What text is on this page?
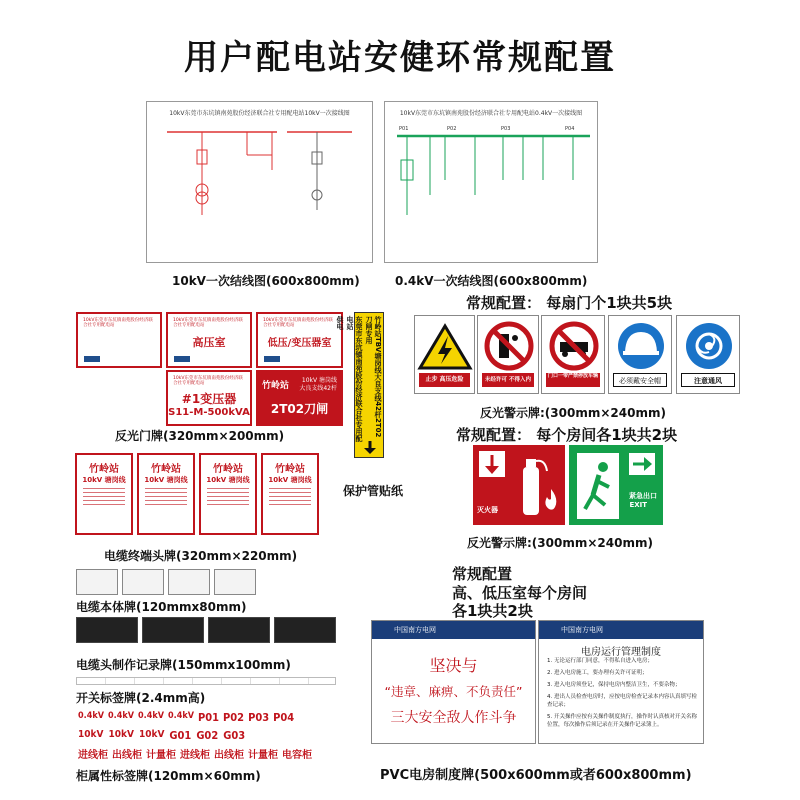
用户配电站安健环常规配置
10kV东莞市东坑镇南苑股份经济联合社专用配电站10kV一次接线图	10kV东莞市东坑镇南苑股份经济联合社专用配电站0.4kV一次接线图
P01	P02	P03	P04
10kV一次结线图(600x800mm)	0.4kV一次结线图(600x800mm)
10kV东莞市东坑镇南苑股份经济联合社专用配电站
10kV东莞市东坑镇南苑股份经济联合社专用配电站
高压室
10kV东莞市东坑镇南苑股份经济联合社专用配电站
低压/变压器室
10kV东莞市东坑镇南苑股份经济联合社专用配电站
#1变压器
S11-M-500kVA
竹岭站
10kV 塘岗线
大良支线42杆
2T02刀闸
反光门牌(320mm×200mm)	竹岭站TBV塘岗线大良支线42杆2T02刀闸专用
东莞市东坑镇南苑股份经济联合社专用配电站
供电
保护管贴纸
常规配置： 每扇门个1块共5块
止步 高压危险	未经许可 不得入内
门口一带严禁停放车辆
必须戴安全帽	注意通风
反光警示牌:(300mm×240mm)
常规配置： 每个房间各1块共2块
灭火器
紧急出口
EXIT
反光警示牌:(300mm×240mm)
竹岭站
10kV 塘岗线
竹岭站
10kV 塘岗线
竹岭站
10kV 塘岗线
竹岭站
10kV 塘岗线
电缆终端头牌(320mm×220mm)
电缆本体牌(120mmx80mm)
电缆头制作记录牌(150mmx100mm)
开关标签牌(2.4mm高)
0.4kV 0.4kV 0.4kV 0.4kV P01 P02 P03 P04
10kV 10kV 10kV G01 G02 G03
进线柜 出线柜 计量柜 进线柜 出线柜 计量柜 电容柜
柜属性标签牌(120mm×60mm)
常规配置
高、低压室每个房间
各1块共2块
中国南方电网
坚决与
“违章、麻痹、不负责任”
三大安全敌人作斗争
中国南方电网
电房运行管理制度
1. 无论运行部门同意，不得私自进入电房；
2. 进入电房施工，要办理有关许可证明；
3. 进入电房须登记，保持电房内整洁卫生，不要杂物；
4. 进出人员检查电房时，应按电房检查记录本内容认真填写检查记录；
5. 开关操作应按有关操作制度执行，操作时认真核对开关名称位置，每次操作后须记录在开关操作记录簿上。
PVC电房制度牌(500x600mm或者600x800mm)
